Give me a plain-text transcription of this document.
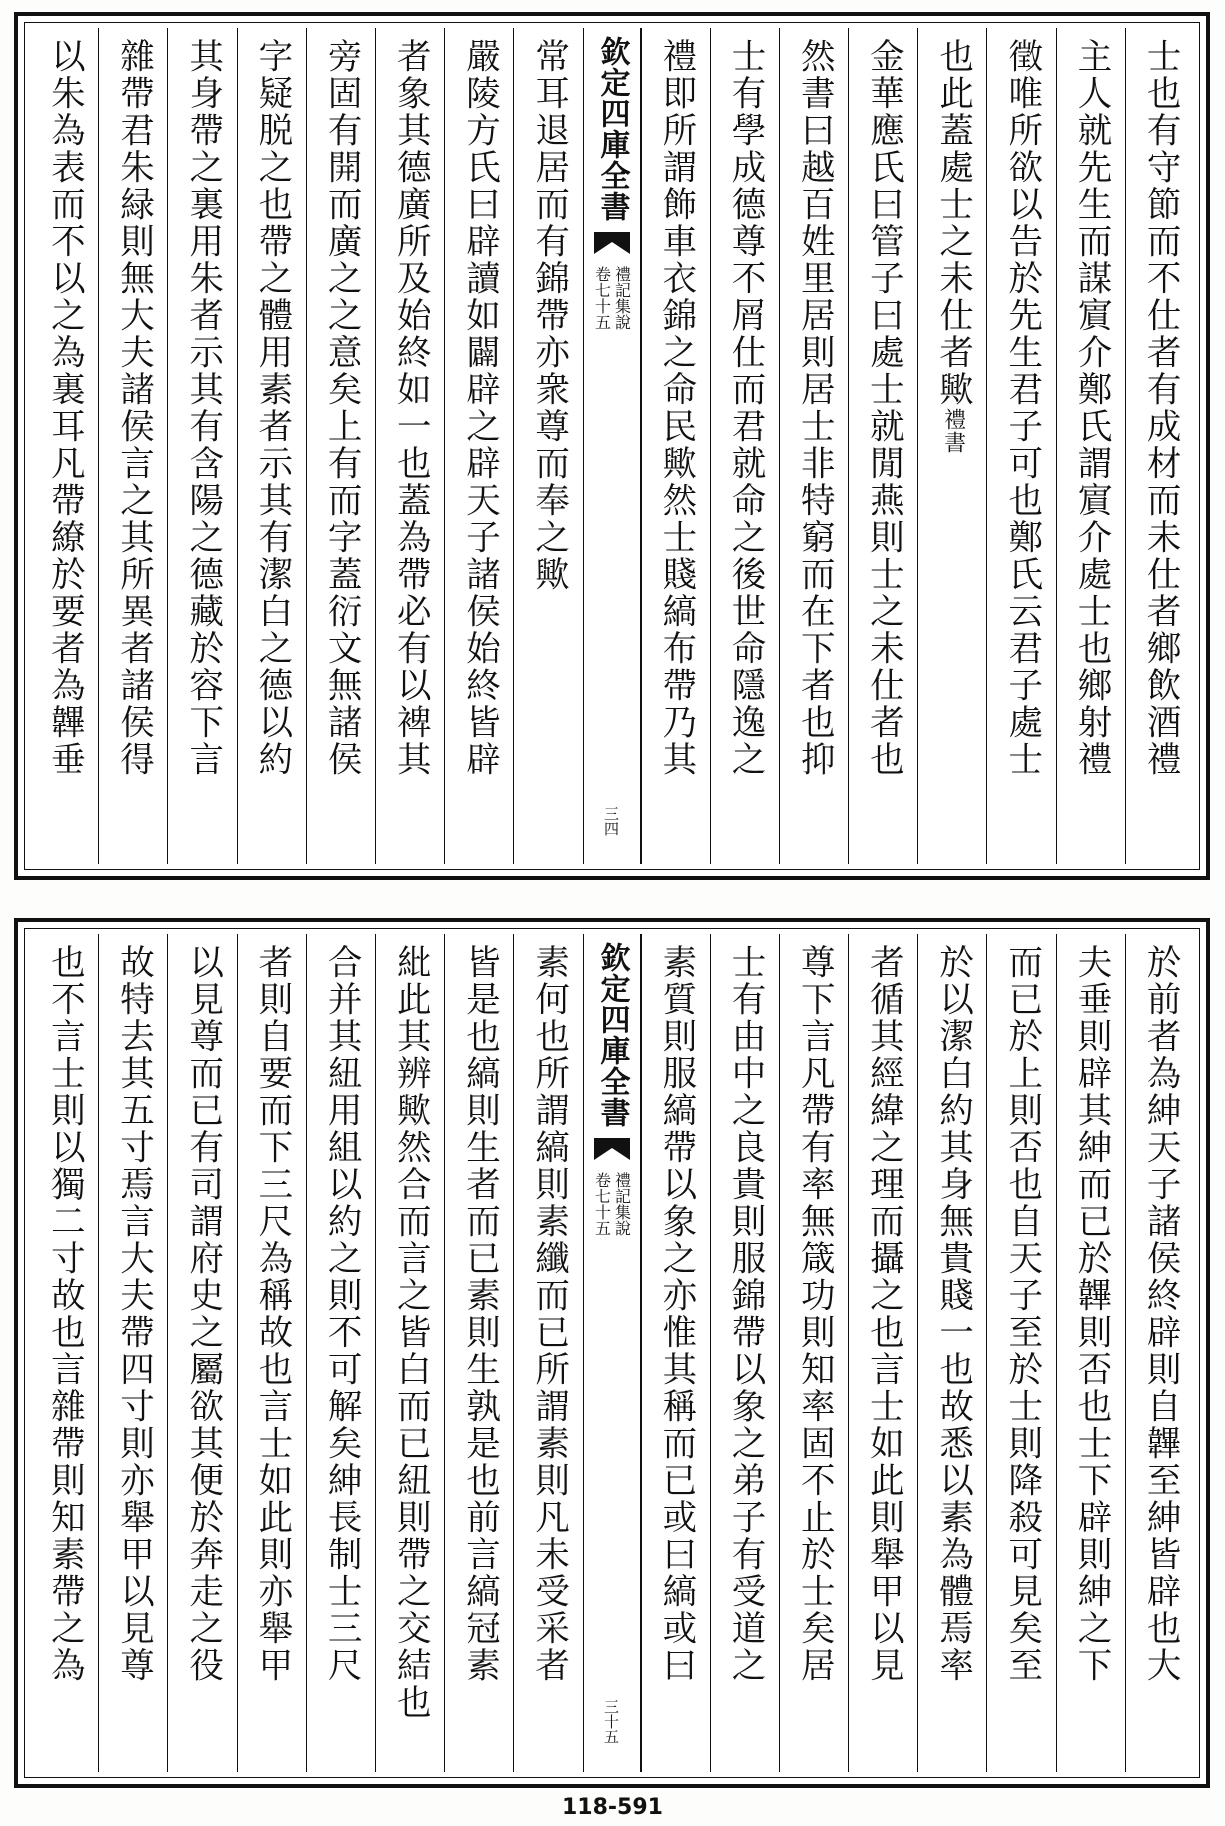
士也有守節而不仕者有成材而未仕者鄉飲酒禮
主人就先生而謀賔介鄭氏謂賔介處士也鄉射禮
徵唯所欲以告於先生君子可也鄭氏云君子處士
也此蓋處士之未仕者歟禮書
金華應氏曰管子曰處士就閒燕則士之未仕者也
然書曰越百姓里居則居士非特窮而在下者也抑
士有學成德尊不屑仕而君就命之後世命隱逸之
禮即所謂飾車衣錦之命民歟然士賤縞布帶乃其
欽定四庫全書
禮記集說
卷七十五
三四
常耳退居而有錦帶亦衆尊而奉之歟
嚴陵方氏曰辟讀如闢辟之辟天子諸侯始終皆辟
者象其德廣所及始終如一也蓋為帶必有以裨其
旁固有開而廣之之意矣上有而字蓋衍文無諸侯
字疑脱之也帶之體用素者示其有潔白之德以約
其身帶之裏用朱者示其有含陽之德藏於容下言
雜帶君朱緑則無大夫諸侯言之其所異者諸侯得
以朱為表而不以之為裏耳凡帶繚於要者為韠垂
於前者為紳天子諸侯終辟則自韠至紳皆辟也大
夫垂則辟其紳而已於韠則否也士下辟則紳之下
而已於上則否也自天子至於士則降殺可見矣至
於以潔白約其身無貴賤一也故悉以素為體焉率
者循其經緯之理而攝之也言士如此則舉甲以見
尊下言凡帶有率無箴功則知率固不止於士矣居
士有由中之良貴則服錦帶以象之弟子有受道之
素質則服縞帶以象之亦惟其稱而已或曰縞或曰
欽定四庫全書
禮記集說
卷七十五
三十五
素何也所謂縞則素纖而已所謂素則凡未受采者
皆是也縞則生者而已素則生孰是也前言縞冠素
紕此其辨歟然合而言之皆白而已紐則帶之交結也
合并其紐用組以約之則不可解矣紳長制士三尺
者則自要而下三尺為稱故也言士如此則亦舉甲
以見尊而已有司謂府史之屬欲其便於奔走之役
故特去其五寸焉言大夫帶四寸則亦舉甲以見尊
也不言士則以獨二寸故也言雜帶則知素帶之為
118-591
